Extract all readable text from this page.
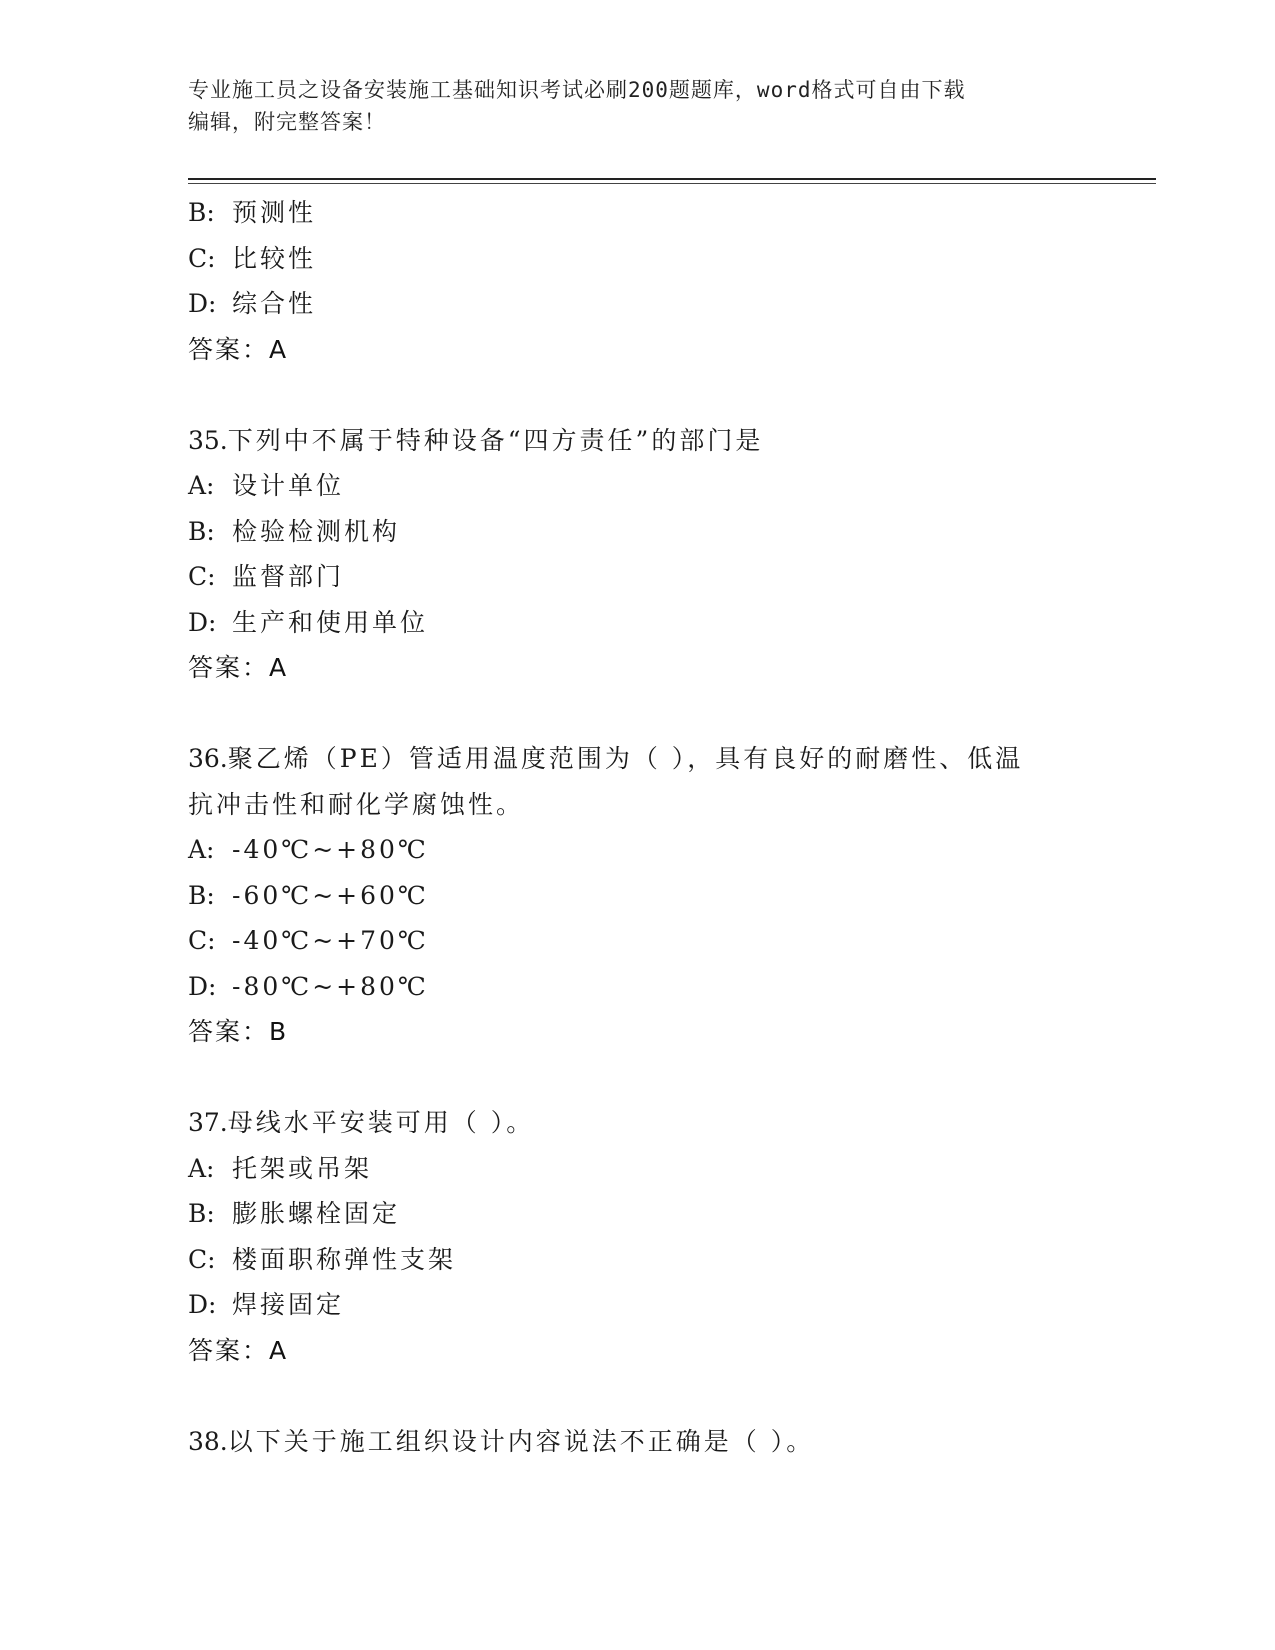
专业施工员之设备安装施工基础知识考试必刷200题题库，word格式可自由下载
编辑，附完整答案！
B: 预测性
C: 比较性
D: 综合性
答案：A
35.下列中不属于特种设备“四方责任”的部门是
A: 设计单位
B: 检验检测机构
C: 监督部门
D: 生产和使用单位
答案：A
36.聚乙烯（PE）管适用温度范围为（ ），具有良好的耐磨性、低温
抗冲击性和耐化学腐蚀性。
A: -40℃~+80℃
B: -60℃~+60℃
C: -40℃~+70℃
D: -80℃~+80℃
答案：B
37.母线水平安装可用（ ）。
A: 托架或吊架
B: 膨胀螺栓固定
C: 楼面职称弹性支架
D: 焊接固定
答案：A
38.以下关于施工组织设计内容说法不正确是（ ）。
